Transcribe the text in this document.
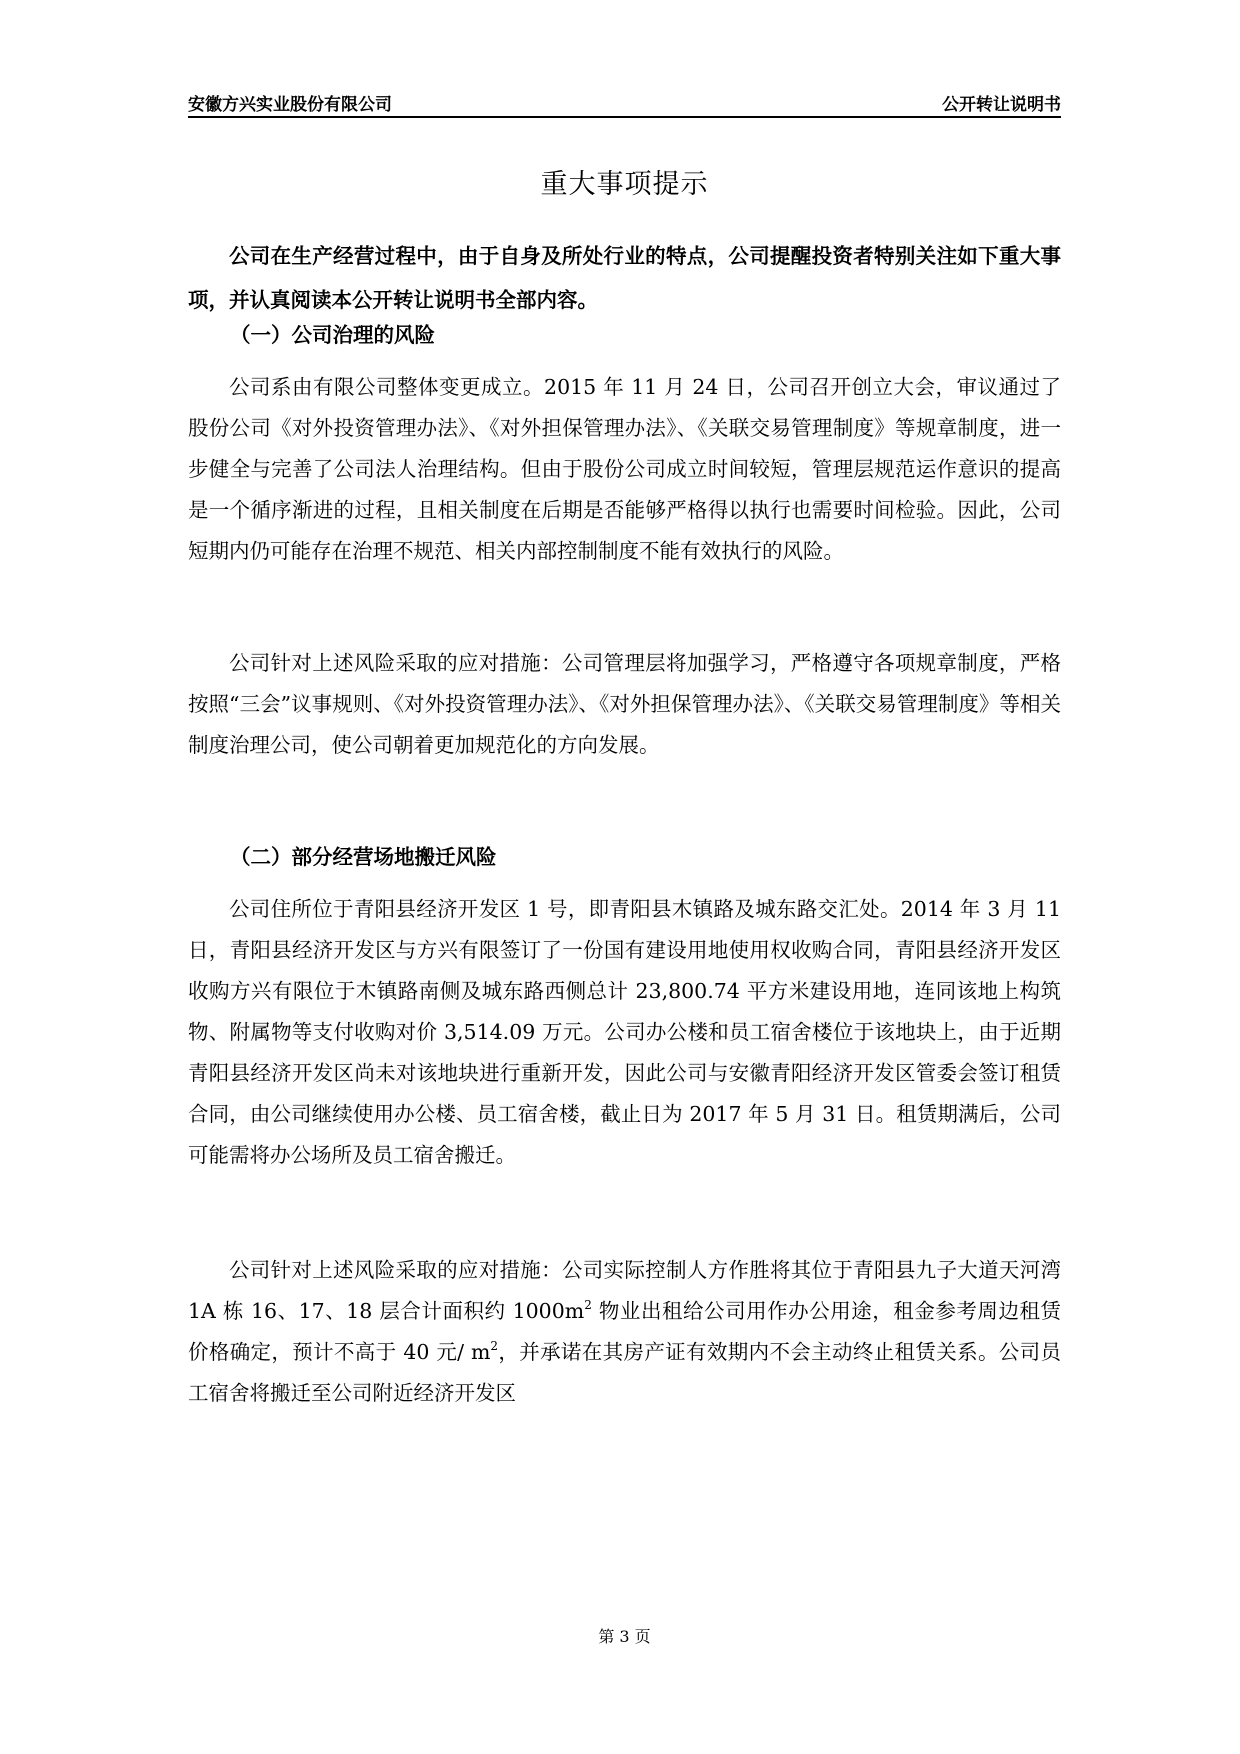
安徽方兴实业股份有限公司	公开转让说明书
重大事项提示

公司在生产经营过程中，由于自身及所处行业的特点，公司提醒投资者特别关注如下重大事项，并认真阅读本公开转让说明书全部内容。

（一）公司治理的风险

公司系由有限公司整体变更成立。2015 年 11 月 24 日，公司召开创立大会，审议通过了股份公司《对外投资管理办法》、《对外担保管理办法》、《关联交易管理制度》等规章制度，进一步健全与完善了公司法人治理结构。但由于股份公司成立时间较短，管理层规范运作意识的提高是一个循序渐进的过程，且相关制度在后期是否能够严格得以执行也需要时间检验。因此，公司短期内仍可能存在治理不规范、相关内部控制制度不能有效执行的风险。

公司针对上述风险采取的应对措施：公司管理层将加强学习，严格遵守各项规章制度，严格按照“三会”议事规则、《对外投资管理办法》、《对外担保管理办法》、《关联交易管理制度》等相关制度治理公司，使公司朝着更加规范化的方向发展。

（二）部分经营场地搬迁风险

公司住所位于青阳县经济开发区 1 号，即青阳县木镇路及城东路交汇处。2014 年 3 月 11 日，青阳县经济开发区与方兴有限签订了一份国有建设用地使用权收购合同，青阳县经济开发区收购方兴有限位于木镇路南侧及城东路西侧总计 23,800.74 平方米建设用地，连同该地上构筑物、附属物等支付收购对价 3,514.09 万元。公司办公楼和员工宿舍楼位于该地块上，由于近期青阳县经济开发区尚未对该地块进行重新开发，因此公司与安徽青阳经济开发区管委会签订租赁合同，由公司继续使用办公楼、员工宿舍楼，截止日为 2017 年 5 月 31 日。租赁期满后，公司可能需将办公场所及员工宿舍搬迁。

公司针对上述风险采取的应对措施：公司实际控制人方作胜将其位于青阳县九子大道天河湾 1A 栋 16、17、18 层合计面积约 $1000m^2$ 物业出租给公司用作办公用途，租金参考周边租赁价格确定，预计不高于 40 元/ $m^2$，并承诺在其房产证有效期内不会主动终止租赁关系。公司员工宿舍将搬迁至公司附近经济开发区

第 3 页
